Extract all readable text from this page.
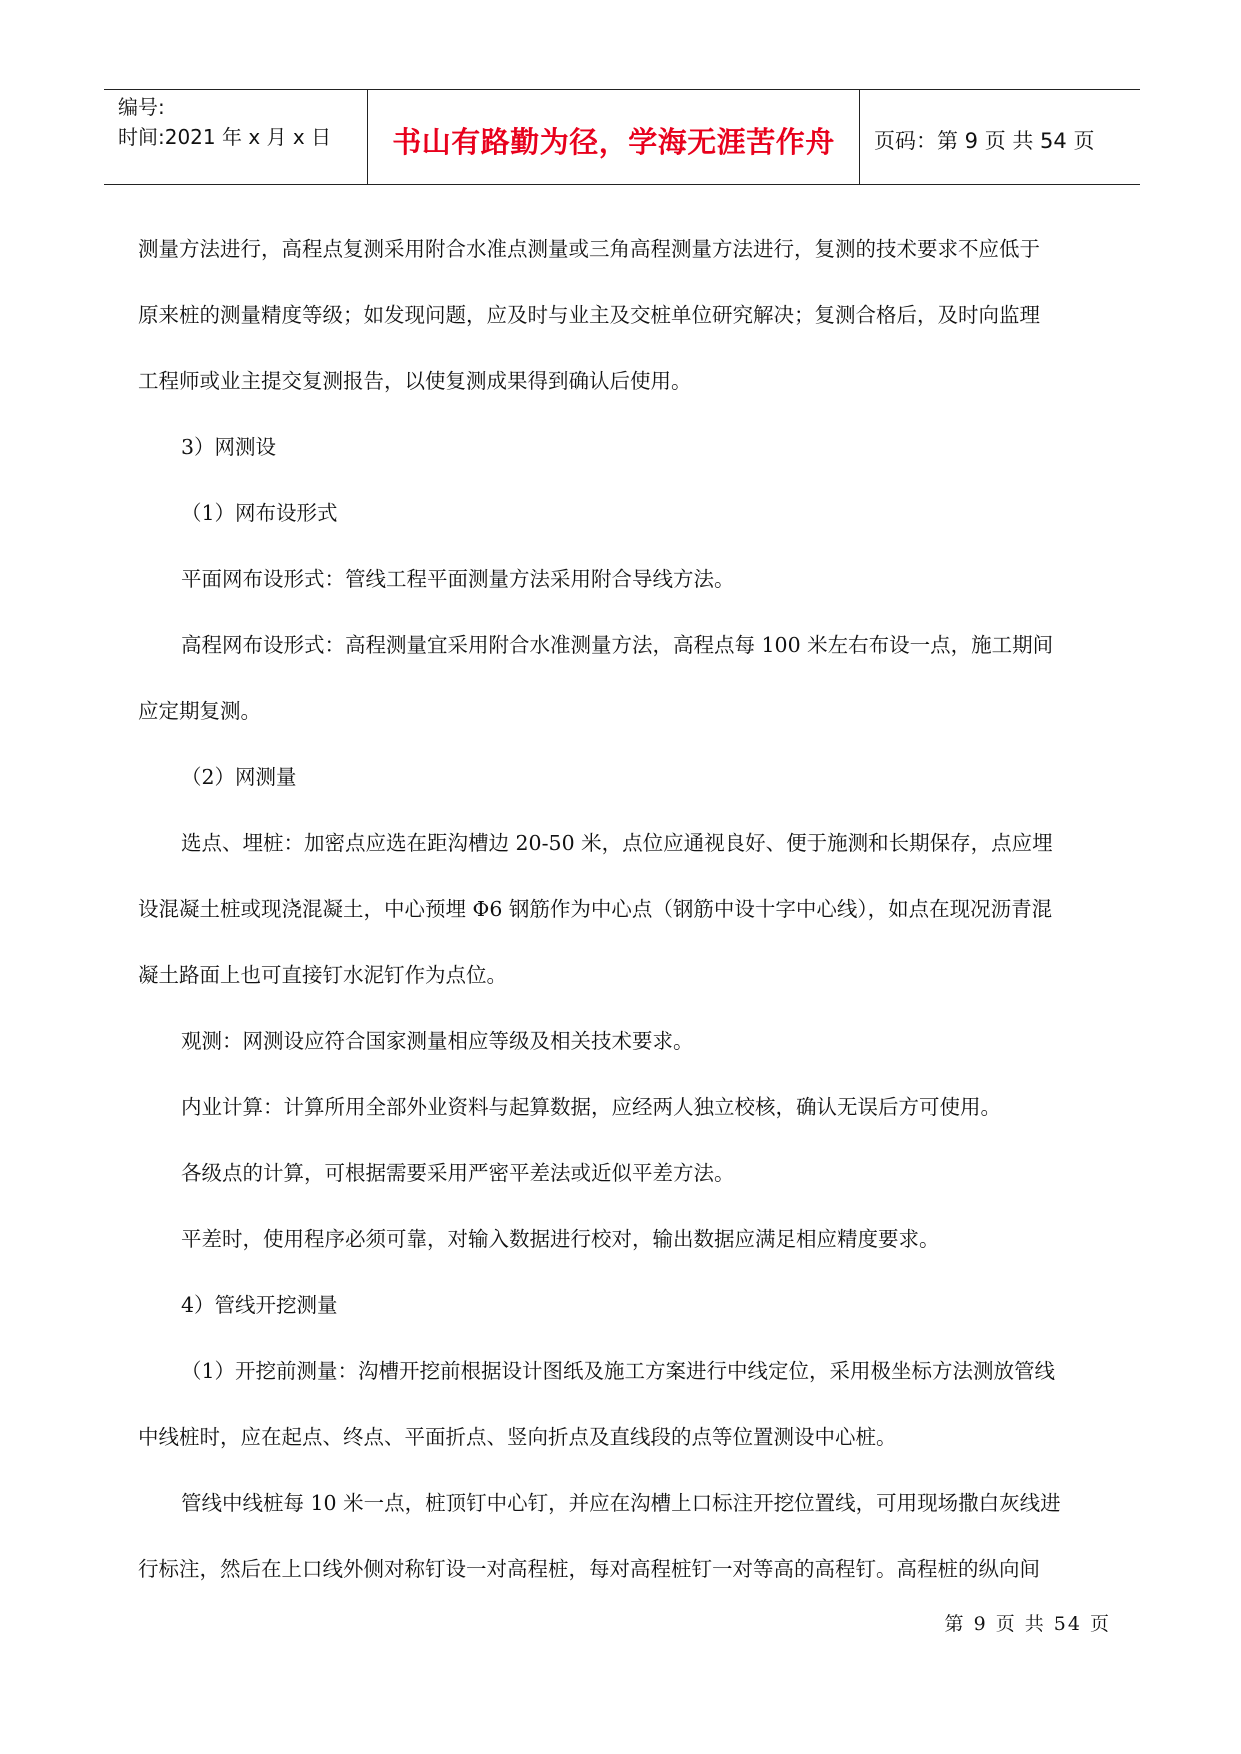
编号:
时间:2021 年 x 月 x 日	书山有路勤为径，学海无涯苦作舟 页码：第 9 页 共 54 页

测量方法进行，高程点复测采用附合水准点测量或三角高程测量方法进行，复测的技术要求不应低于

原来桩的测量精度等级；如发现问题，应及时与业主及交桩单位研究解决；复测合格后，及时向监理

工程师或业主提交复测报告，以使复测成果得到确认后使用。

3）网测设

（1）网布设形式

平面网布设形式：管线工程平面测量方法采用附合导线方法。

高程网布设形式：高程测量宜采用附合水准测量方法，高程点每 100 米左右布设一点，施工期间

应定期复测。

（2）网测量

选点、埋桩：加密点应选在距沟槽边 20-50 米，点位应通视良好、便于施测和长期保存，点应埋

设混凝土桩或现浇混凝土，中心预埋 Φ6 钢筋作为中心点（钢筋中设十字中心线），如点在现况沥青混

凝土路面上也可直接钉水泥钉作为点位。

观测：网测设应符合国家测量相应等级及相关技术要求。

内业计算：计算所用全部外业资料与起算数据，应经两人独立校核，确认无误后方可使用。

各级点的计算，可根据需要采用严密平差法或近似平差方法。

平差时，使用程序必须可靠，对输入数据进行校对，输出数据应满足相应精度要求。

4）管线开挖测量

（1）开挖前测量：沟槽开挖前根据设计图纸及施工方案进行中线定位，采用极坐标方法测放管线

中线桩时，应在起点、终点、平面折点、竖向折点及直线段的点等位置测设中心桩。

管线中线桩每 10 米一点，桩顶钉中心钉，并应在沟槽上口标注开挖位置线，可用现场撒白灰线进

行标注，然后在上口线外侧对称钉设一对高程桩，每对高程桩钉一对等高的高程钉。高程桩的纵向间

第 9 页 共 54 页
